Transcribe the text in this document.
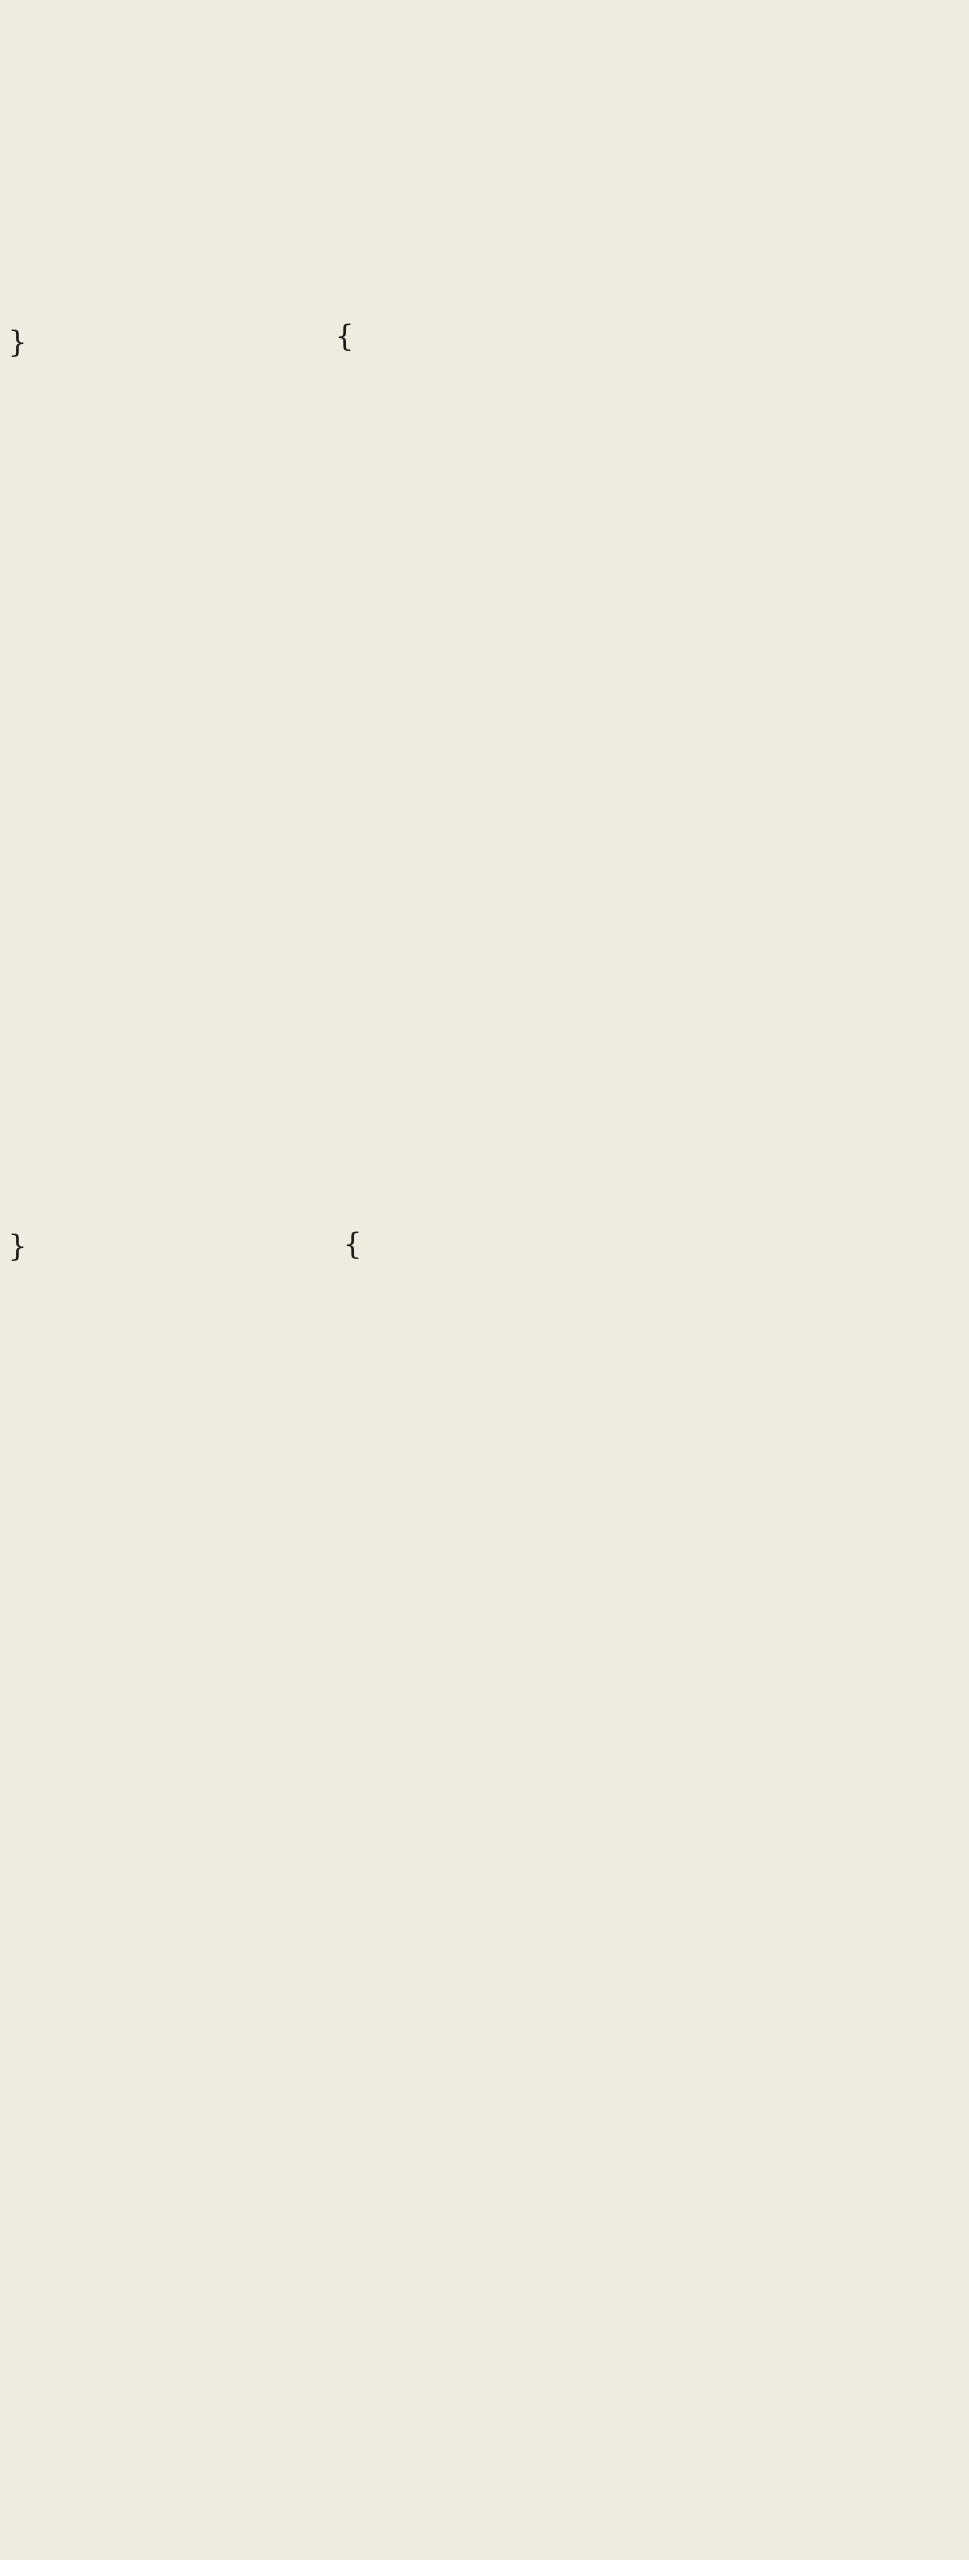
{
}
{
}
